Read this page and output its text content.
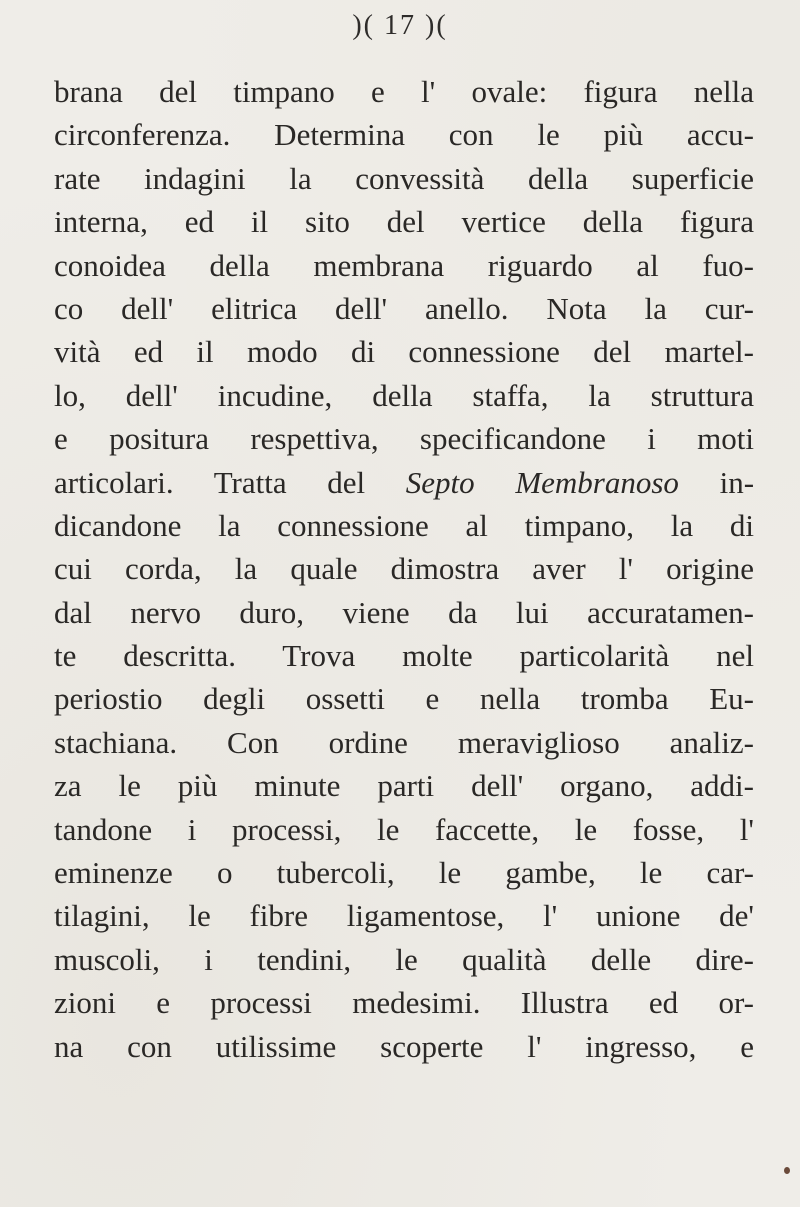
)( 17 )(
brana del timpano e l' ovale: figura nella
circonferenza. Determina con le più accu-
rate indagini la convessità della superficie
interna, ed il sito del vertice della figura
conoidea della membrana riguardo al fuo-
co dell' elitrica dell' anello. Nota la cur-
vità ed il modo di connessione del martel-
lo, dell' incudine, della staffa, la struttura
e positura respettiva, specificandone i moti
articolari. Tratta del Septo Membranoso in-
dicandone la connessione al timpano, la di
cui corda, la quale dimostra aver l' origine
dal nervo duro, viene da lui accuratamen-
te descritta. Trova molte particolarità nel
periostio degli ossetti e nella tromba Eu-
stachiana. Con ordine meraviglioso analiz-
za le più minute parti dell' organo, addi-
tandone i processi, le faccette, le fosse, l'
eminenze o tubercoli, le gambe, le car-
tilagini, le fibre ligamentose, l' unione de'
muscoli, i tendini, le qualità delle dire-
zioni e processi medesimi. Illustra ed or-
na con utilissime scoperte l' ingresso, e
